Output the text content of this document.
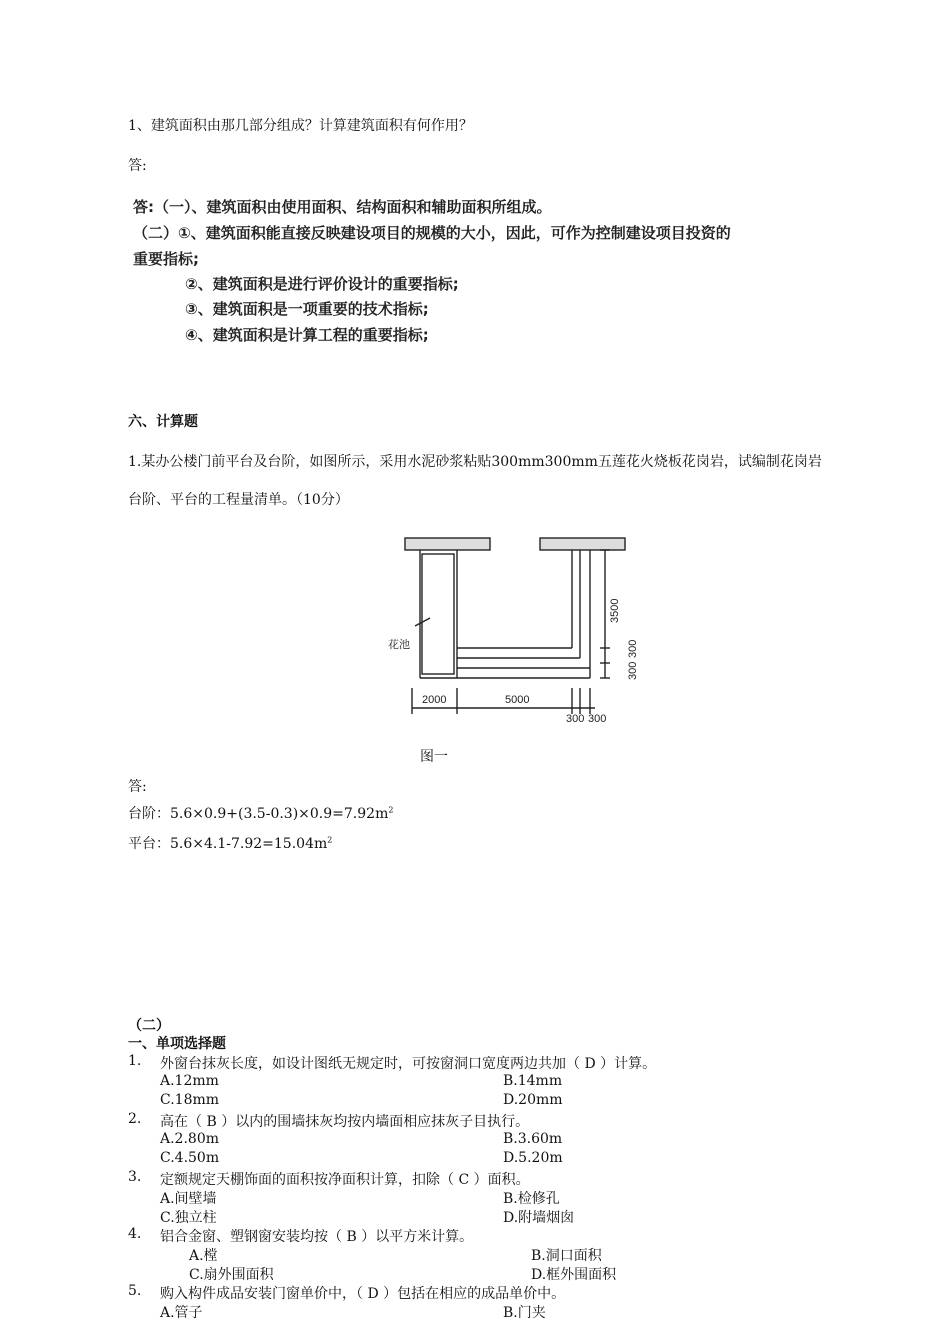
1、建筑面积由那几部分组成？计算建筑面积有何作用？
答:
答:（一）、建筑面积由使用面积、结构面积和辅助面积所组成。
（二）①、建筑面积能直接反映建设项目的规模的大小，因此，可作为控制建设项目投资的
重要指标;
②、建筑面积是进行评价设计的重要指标;
③、建筑面积是一项重要的技术指标;
④、建筑面积是计算工程的重要指标;
六、计算题
1.某办公楼门前平台及台阶，如图所示，采用水泥砂浆粘贴300mm300mm五莲花火烧板花岗岩，试编制花岗岩
台阶、平台的工程量清单。（10分）
花池
2000	5000
300 300
3500
300
300
图一
答:
台阶：$5.6\times 0.9+(3.5-0.3)\times 0.9=7.92m^2$
平台：$5.6\times 4.1-7.92=15.04m^2$
（二）
一、单项选择题
1. 外窗台抹灰长度，如设计图纸无规定时，可按窗洞口宽度两边共加（ D ）计算。
A.12mm	B.14mm
C.18mm	D.20mm
2. 高在（ B ）以内的围墙抹灰均按内墙面相应抹灰子目执行。
A.2.80m	B.3.60m
C.4.50m	D.5.20m
3. 定额规定天棚饰面的面积按净面积计算，扣除（ C ）面积。
A.间壁墙	B.检修孔
C.独立柱	D.附墙烟囱
4. 铝合金窗、塑钢窗安装均按（ B ）以平方米计算。
A.樘	B.洞口面积
C.扇外围面积	D.框外围面积
5. 购入构件成品安装门窗单价中，（ D ）包括在相应的成品单价中。
A.管子	B.门夹
